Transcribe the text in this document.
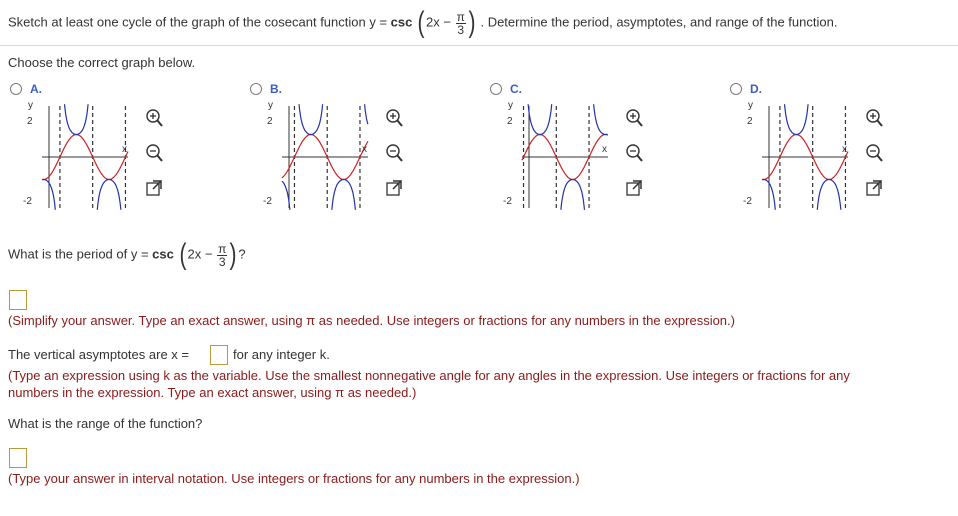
Sketch at least one cycle of the graph of the cosecant function y = csc ( $2x - \frac{\pi}{3}$ ) . Determine the period, asymptotes, and range of the function.
Choose the correct graph below.
A.
y
x
2
-2
B.
y
x
2
-2
C.
y
x
2
-2
D.
y
x
2
-2
What is the period of y = csc ( $2x - \frac{\pi}{3}$ ) ?
(Simplify your answer. Type an exact answer, using π as needed. Use integers or fractions for any numbers in the expression.)
The vertical asymptotes are x =	for any integer k.
(Type an expression using k as the variable. Use the smallest nonnegative angle for any angles in the expression. Use integers or fractions for any
numbers in the expression. Type an exact answer, using π as needed.)
What is the range of the function?
(Type your answer in interval notation. Use integers or fractions for any numbers in the expression.)
